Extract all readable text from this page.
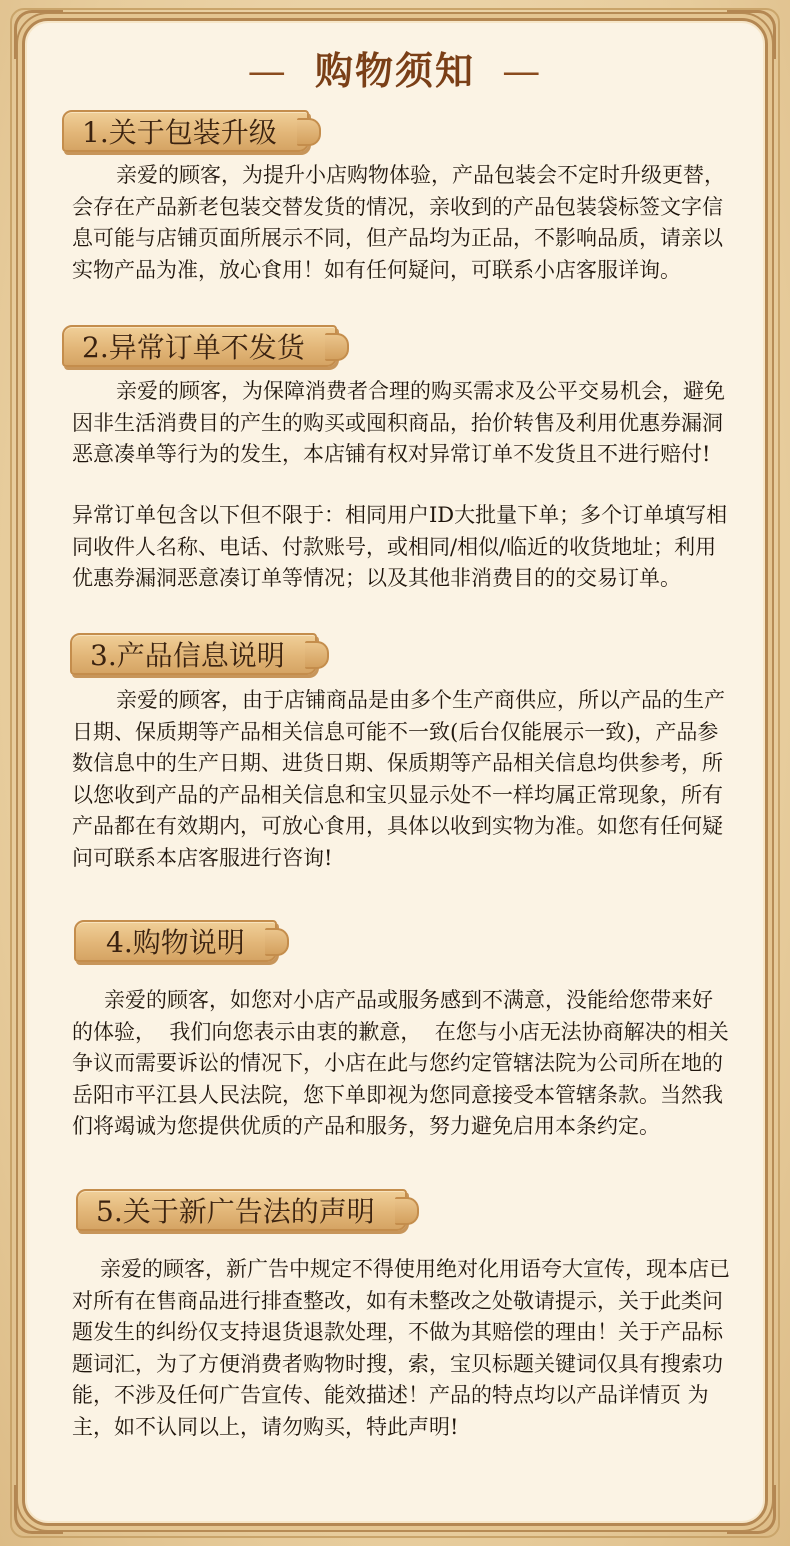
— 购物须知 —
1.关于包装升级
亲爱的顾客，为提升小店购物体验，产品包装会不定时升级更替，会存在产品新老包装交替发货的情况，亲收到的产品包装袋标签文字信息可能与店铺页面所展示不同，但产品均为正品，不影响品质，请亲以实物产品为准，放心食用！如有任何疑问，可联系小店客服详询。
2.异常订单不发货
亲爱的顾客，为保障消费者合理的购买需求及公平交易机会，避免因非生活消费目的产生的购买或囤积商品，抬价转售及利用优惠券漏洞恶意凑单等行为的发生，本店铺有权对异常订单不发货且不进行赔付!
异常订单包含以下但不限于：相同用户ID大批量下单；多个订单填写相同收件人名称、电话、付款账号，或相同/相似/临近的收货地址；利用优惠券漏洞恶意凑订单等情况；以及其他非消费目的的交易订单。
3.产品信息说明
亲爱的顾客，由于店铺商品是由多个生产商供应，所以产品的生产日期、保质期等产品相关信息可能不一致(后台仅能展示一致)，产品参数信息中的生产日期、进货日期、保质期等产品相关信息均供参考，所以您收到产品的产品相关信息和宝贝显示处不一样均属正常现象，所有产品都在有效期内，可放心食用，具体以收到实物为准。如您有任何疑问可联系本店客服进行咨询!
4.购物说明
亲爱的顾客，如您对小店产品或服务感到不满意，没能给您带来好的体验，  我们向您表示由衷的歉意，  在您与小店无法协商解决的相关争议而需要诉讼的情况下，小店在此与您约定管辖法院为公司所在地的岳阳市平江县人民法院，您下单即视为您同意接受本管辖条款。当然我们将竭诚为您提供优质的产品和服务，努力避免启用本条约定。
5.关于新广告法的声明
亲爱的顾客，新广告中规定不得使用绝对化用语夸大宣传，现本店已对所有在售商品进行排查整改，如有未整改之处敬请提示，关于此类问题发生的纠纷仅支持退货退款处理，不做为其赔偿的理由！关于产品标题词汇，为了方便消费者购物时搜，索，宝贝标题关键词仅具有搜索功能，不涉及任何广告宣传、能效描述！产品的特点均以产品详情页 为主，如不认同以上，请勿购买，特此声明!
